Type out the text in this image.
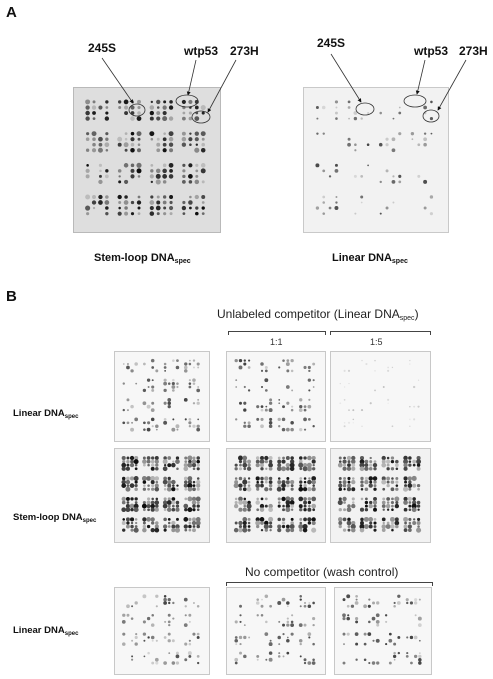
A
245S	wtp53 273H
245S
wtp53 273H
Stem-loop $DNA_{spec}$	Linear $DNA_{spec}$
B
Unlabeled competitor (Linear $DNA_{spec}$)
1:1	1:5
Linear $DNA_{spec}$
Stem-loop $DNA_{spec}$
Linear $DNA_{spec}$
No competitor (wash control)
